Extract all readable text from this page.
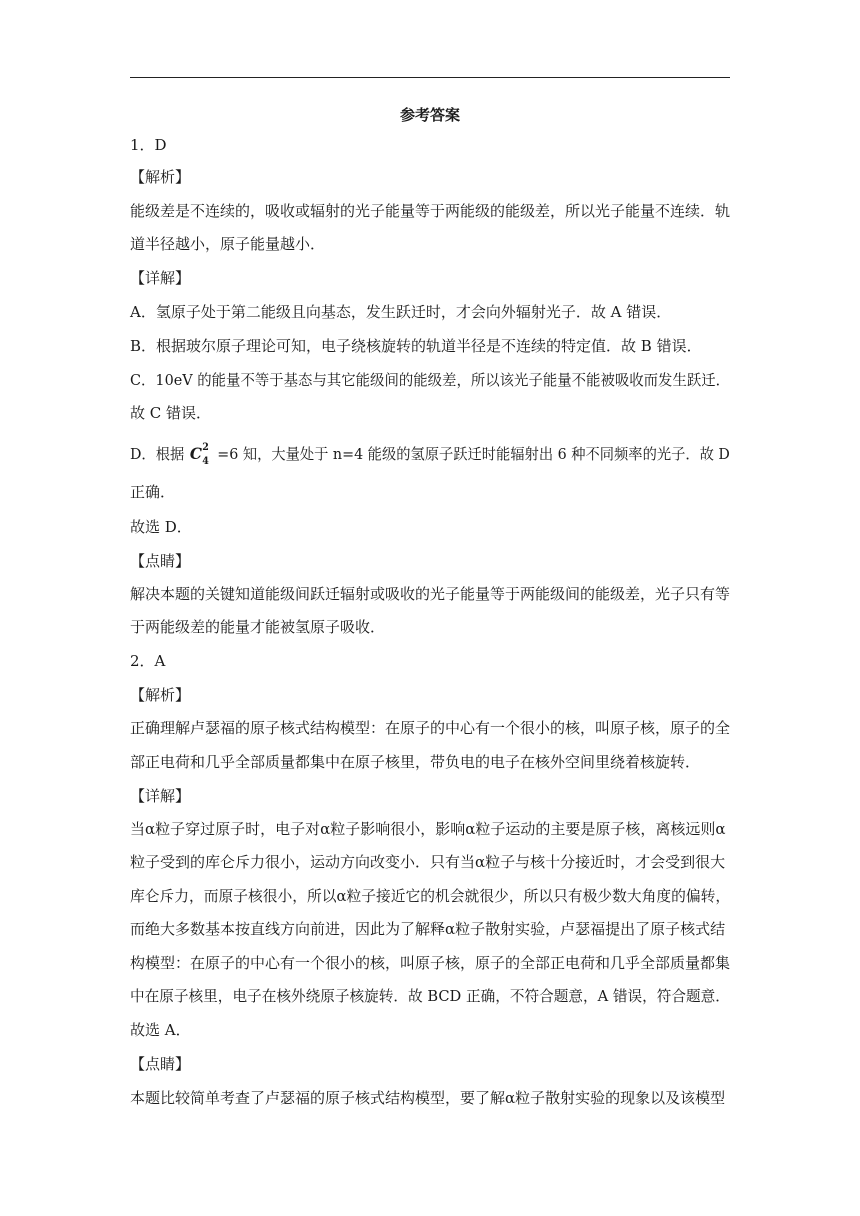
参考答案
1．D
【解析】
能级差是不连续的，吸收或辐射的光子能量等于两能级的能级差，所以光子能量不连续．轨
道半径越小，原子能量越小．
【详解】
A．氢原子处于第二能级且向基态，发生跃迁时，才会向外辐射光子．故 A 错误．
B．根据玻尔原子理论可知，电子绕核旋转的轨道半径是不连续的特定值．故 B 错误．
C．10eV 的能量不等于基态与其它能级间的能级差，所以该光子能量不能被吸收而发生跃迁．
故 C 错误．
D．根据 C 2
4 =6 知，大量处于 n=4 能级的氢原子跃迁时能辐射出 6 种不同频率的光子．故 D
正确．
故选 D．
【点睛】
解决本题的关键知道能级间跃迁辐射或吸收的光子能量等于两能级间的能级差，光子只有等
于两能级差的能量才能被氢原子吸收．
2．A
【解析】
正确理解卢瑟福的原子核式结构模型：在原子的中心有一个很小的核，叫原子核，原子的全
部正电荷和几乎全部质量都集中在原子核里，带负电的电子在核外空间里绕着核旋转．
【详解】
当α粒子穿过原子时，电子对α粒子影响很小，影响α粒子运动的主要是原子核，离核远则α
粒子受到的库仑斥力很小，运动方向改变小．只有当α粒子与核十分接近时，才会受到很大
库仑斥力，而原子核很小，所以α粒子接近它的机会就很少，所以只有极少数大角度的偏转，
而绝大多数基本按直线方向前进，因此为了解释α粒子散射实验，卢瑟福提出了原子核式结
构模型：在原子的中心有一个很小的核，叫原子核，原子的全部正电荷和几乎全部质量都集
中在原子核里，电子在核外绕原子核旋转．故 BCD 正确，不符合题意，A 错误，符合题意．
故选 A．
【点睛】
本题比较简单考查了卢瑟福的原子核式结构模型，要了解α粒子散射实验的现象以及该模型
